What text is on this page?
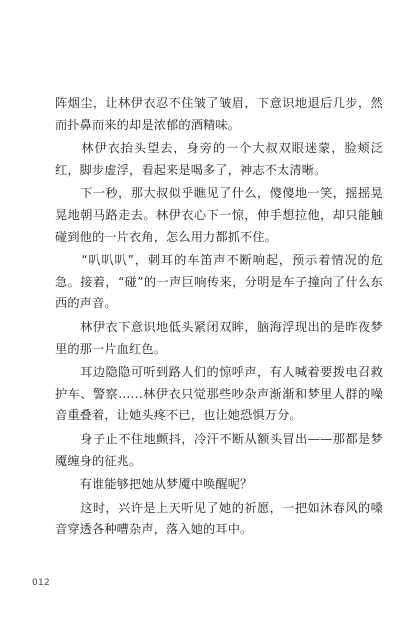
阵烟尘，让林伊衣忍不住皱了皱眉，下意识地退后几步，然而扑鼻而来的却是浓郁的酒精味。

　　林伊衣抬头望去，身旁的一个大叔双眼迷蒙，脸颊泛红，脚步虚浮，看起来是喝多了，神志不太清晰。

　　下一秒，那大叔似乎瞧见了什么，傻傻地一笑，摇摇晃晃地朝马路走去。林伊衣心下一惊，伸手想拉他，却只能触碰到他的一片衣角，怎么用力都抓不住。

　　“叭叭叭”，刺耳的车笛声不断响起，预示着情况的危急。接着，“碰”的一声巨响传来，分明是车子撞向了什么东西的声音。

　　林伊衣下意识地低头紧闭双眸，脑海浮现出的是昨夜梦里的那一片血红色。

　　耳边隐隐可听到路人们的惊呼声，有人喊着要拨电召救护车、警察……林伊衣只觉那些吵杂声渐渐和梦里人群的噪音重叠着，让她头疼不已，也让她恐惧万分。

　　身子止不住地颤抖，冷汗不断从额头冒出——那都是梦魇缠身的征兆。

　　有谁能够把她从梦魇中唤醒呢？

　　这时，兴许是上天听见了她的祈愿，一把如沐春风的嗓音穿透各种嘈杂声，落入她的耳中。

012
